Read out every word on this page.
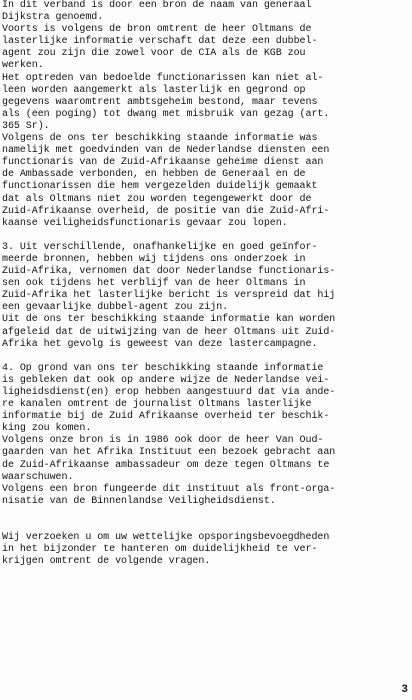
In dit verband is door een bron de naam van generaal
Dijkstra genoemd.
Voorts is volgens de bron omtrent de heer Oltmans de
lasterlijke informatie verschaft dat deze een dubbel-
agent zou zijn die zowel voor de CIA als de KGB zou
werken.
Het optreden van bedoelde functionarissen kan niet al-
leen worden aangemerkt als lasterlijk en gegrond op
gegevens waaromtrent ambtsgeheim bestond, maar tevens
als (een poging) tot dwang met misbruik van gezag (art.
365 Sr).
Volgens de ons ter beschikking staande informatie was
namelijk met goedvinden van de Nederlandse diensten een
functionaris van de Zuid-Afrikaanse geheime dienst aan
de Ambassade verbonden, en hebben de Generaal en de
functionarissen die hem vergezelden duidelijk gemaakt
dat als Oltmans niet zou worden tegengewerkt door de
Zuid-Afrikaanse overheid, de positie van die Zuid-Afri-
kaanse veiligheidsfunctionaris gevaar zou lopen.
3. Uit verschillende, onafhankelijke en goed geïnfor-
meerde bronnen, hebben wij tijdens ons onderzoek in
Zuid-Afrika, vernomen dat door Nederlandse functionaris-
sen ook tijdens het verblijf van de heer Oltmans in
Zuid-Afrika het lasterlijke bericht is verspreid dat hij
een gevaarlijke dubbel-agent zou zijn.
Uit de ons ter beschikking staande informatie kan worden
afgeleid dat de uitwijzing van de heer Oltmans uit Zuid-
Afrika het gevolg is geweest van deze lastercampagne.
4. Op grond van ons ter beschikking staande informatie
is gebleken dat ook op andere wijze de Nederlandse vei-
ligheidsdienst(en) erop hebben aangestuurd dat via ande-
re kanalen omtrent de journalist Oltmans lasterlijke
informatie bij de Zuid Afrikaanse overheid ter beschik-
king zou komen.
Volgens onze bron is in 1986 ook door de heer Van Oud-
gaarden van het Afrika Instituut een bezoek gebracht aan
de Zuid-Afrikaanse ambassadeur om deze tegen Oltmans te
waarschuwen.
Volgens een bron fungeerde dit instituut als front-orga-
nisatie van de Binnenlandse Veiligheidsdienst.
Wij verzoeken u om uw wettelijke opsporingsbevoegdheden
in het bijzonder te hanteren om duidelijkheid te ver-
krijgen omtrent de volgende vragen.
3
